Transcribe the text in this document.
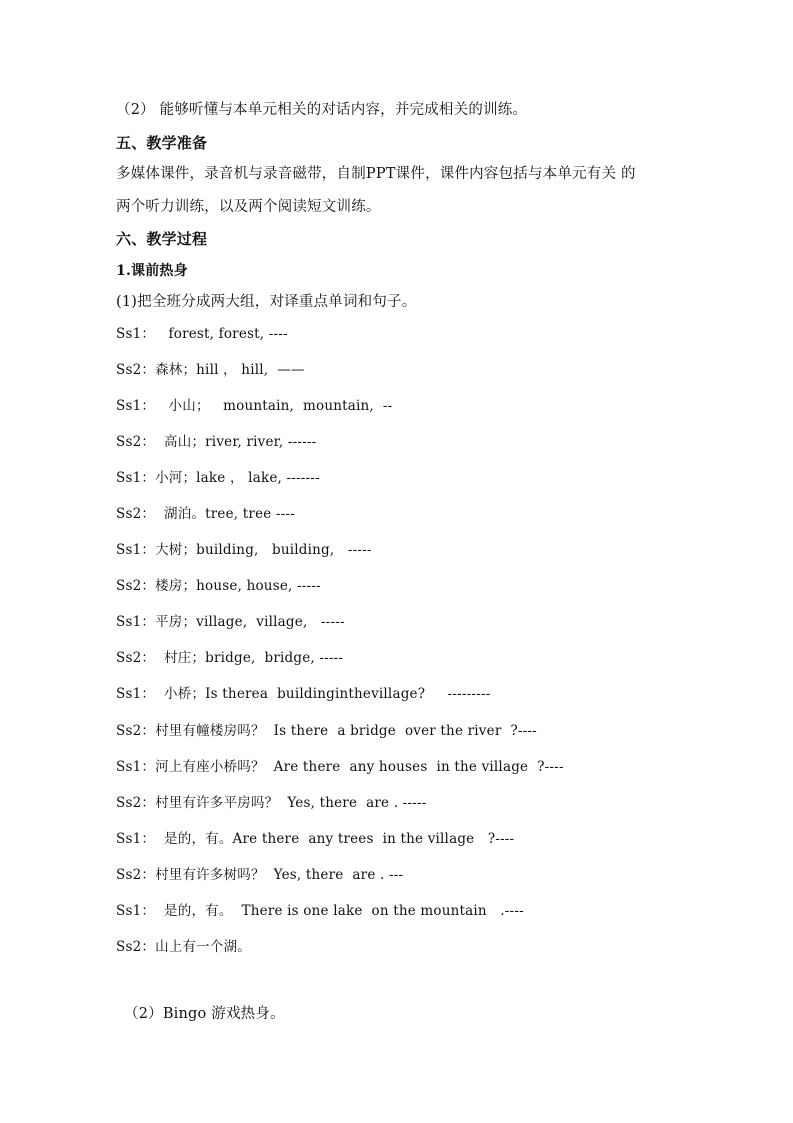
（2） 能够听懂与本单元相关的对话内容，并完成相关的训练。
五、教学准备
多媒体课件，录音机与录音磁带，自制PPT课件，课件内容包括与本单元有关 的
两个听力训练，以及两个阅读短文训练。
六、教学过程
1.课前热身
(1)把全班分成两大组，对译重点单词和句子。
Ss1：   forest, forest, ----
Ss2：森林；hill ， hill,  ——
Ss1：   小山；   mountain,  mountain,  --
Ss2：  高山；river, river, ------
Ss1：小河；lake ， lake, -------
Ss2：  湖泊。tree, tree ----
Ss1：大树；building,   building,   -----
Ss2：楼房；house, house, -----
Ss1：平房；village,  village,   -----
Ss2：  村庄；bridge,  bridge, -----
Ss1：  小桥；Is therea  buildinginthevillage?     ---------
Ss2：村里有幢楼房吗？  Is there  a bridge  over the river  ?----
Ss1：河上有座小桥吗？  Are there  any houses  in the village  ?----
Ss2：村里有许多平房吗？  Yes, there  are . -----
Ss1：  是的，有。Are there  any trees  in the village   ?----
Ss2：村里有许多树吗？  Yes, there  are . ---
Ss1：  是的，有。  There is one lake  on the mountain   .----
Ss2：山上有一个湖。
（2）Bingo 游戏热身。
